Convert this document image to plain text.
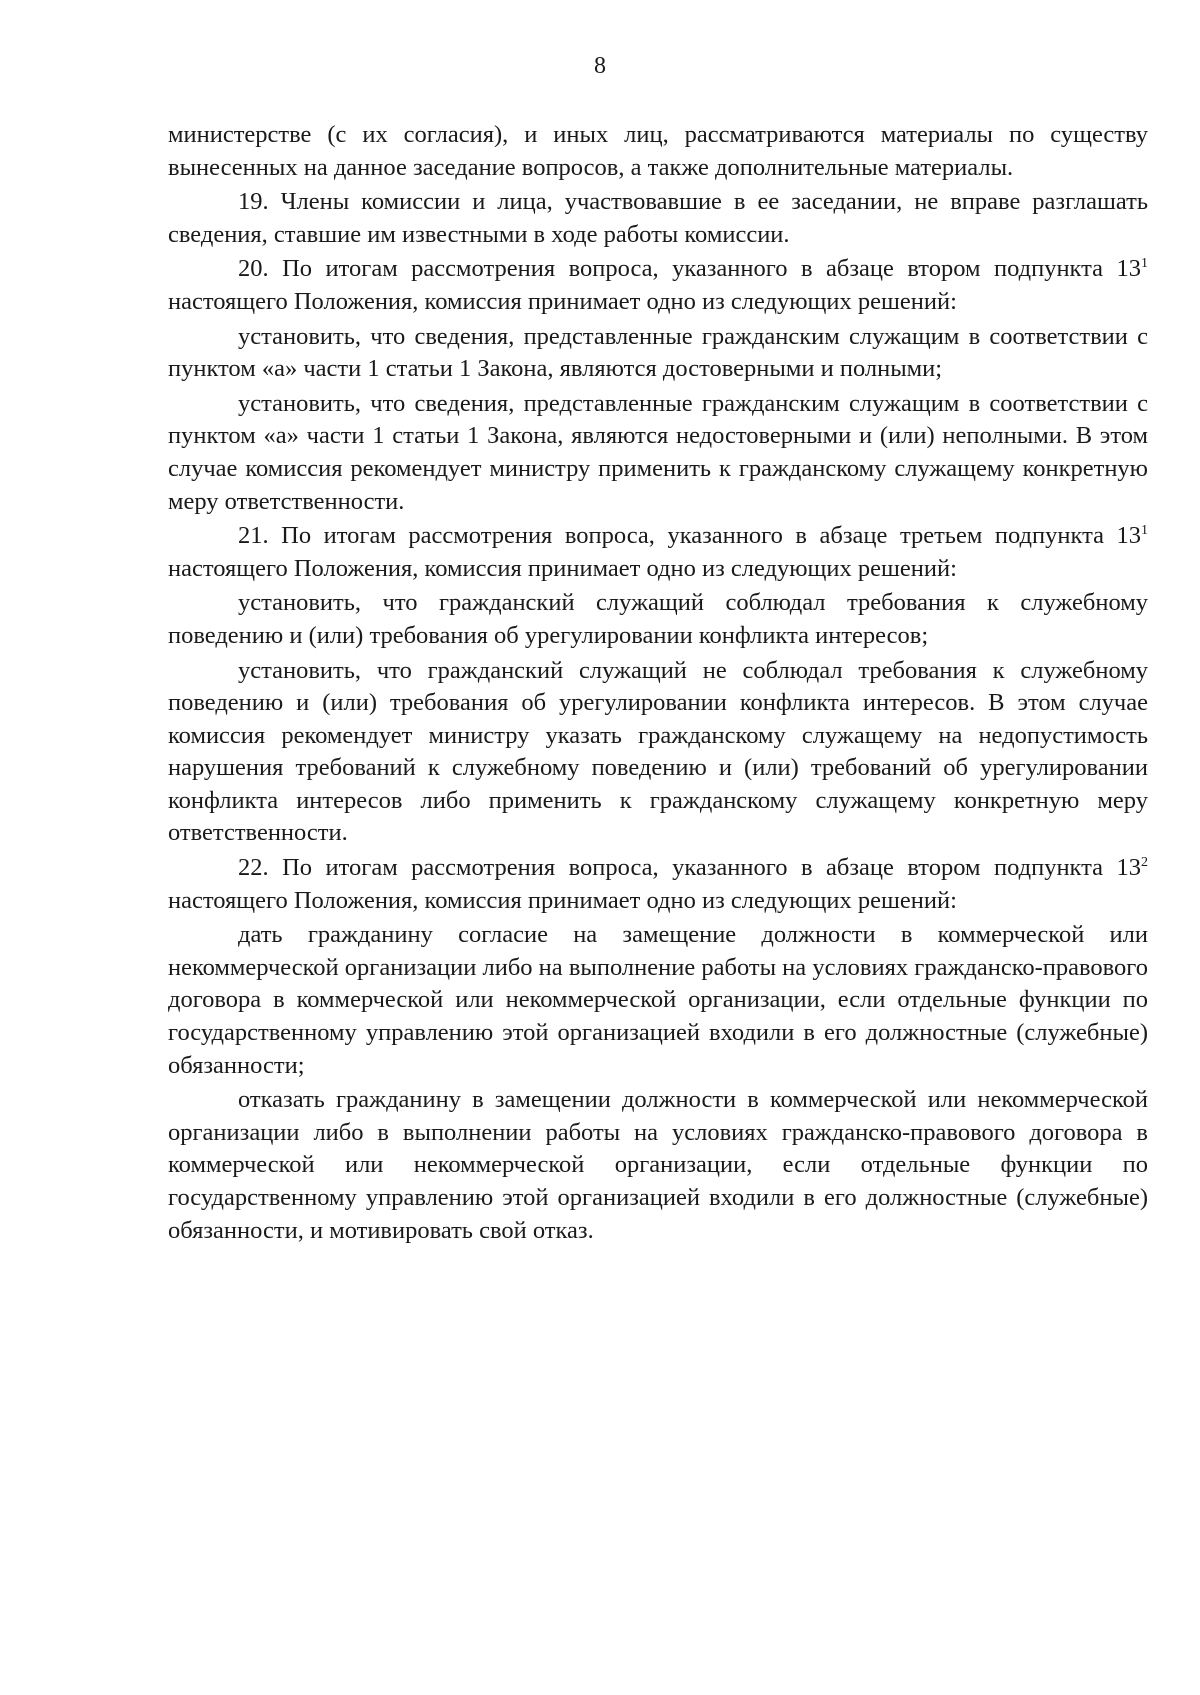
8

министерстве (с их согласия), и иных лиц, рассматриваются материалы по существу вынесенных на данное заседание вопросов, а также дополнительные материалы.

19. Члены комиссии и лица, участвовавшие в ее заседании, не вправе разглашать сведения, ставшие им известными в ходе работы комиссии.

20. По итогам рассмотрения вопроса, указанного в абзаце втором подпункта $13^1$ настоящего Положения, комиссия принимает одно из следующих решений:

установить, что сведения, представленные гражданским служащим в соответствии с пунктом «а» части 1 статьи 1 Закона, являются достоверными и полными;

установить, что сведения, представленные гражданским служащим в соответствии с пунктом «а» части 1 статьи 1 Закона, являются недостоверными и (или) неполными. В этом случае комиссия рекомендует министру применить к гражданскому служащему конкретную меру ответственности.

21. По итогам рассмотрения вопроса, указанного в абзаце третьем подпункта $13^1$ настоящего Положения, комиссия принимает одно из следующих решений:

установить, что гражданский служащий соблюдал требования к служебному поведению и (или) требования об урегулировании конфликта интересов;

установить, что гражданский служащий не соблюдал требования к служебному поведению и (или) требования об урегулировании конфликта интересов. В этом случае комиссия рекомендует министру указать гражданскому служащему на недопустимость нарушения требований к служебному поведению и (или) требований об урегулировании конфликта интересов либо применить к гражданскому служащему конкретную меру ответственности.

22. По итогам рассмотрения вопроса, указанного в абзаце втором подпункта $13^2$ настоящего Положения, комиссия принимает одно из следующих решений:

дать гражданину согласие на замещение должности в коммерческой или некоммерческой организации либо на выполнение работы на условиях гражданско-правового договора в коммерческой или некоммерческой организации, если отдельные функции по государственному управлению этой организацией входили в его должностные (служебные) обязанности;

отказать гражданину в замещении должности в коммерческой или некоммерческой организации либо в выполнении работы на условиях гражданско-правового договора в коммерческой или некоммерческой организации, если отдельные функции по государственному управлению этой организацией входили в его должностные (служебные) обязанности, и мотивировать свой отказ.
